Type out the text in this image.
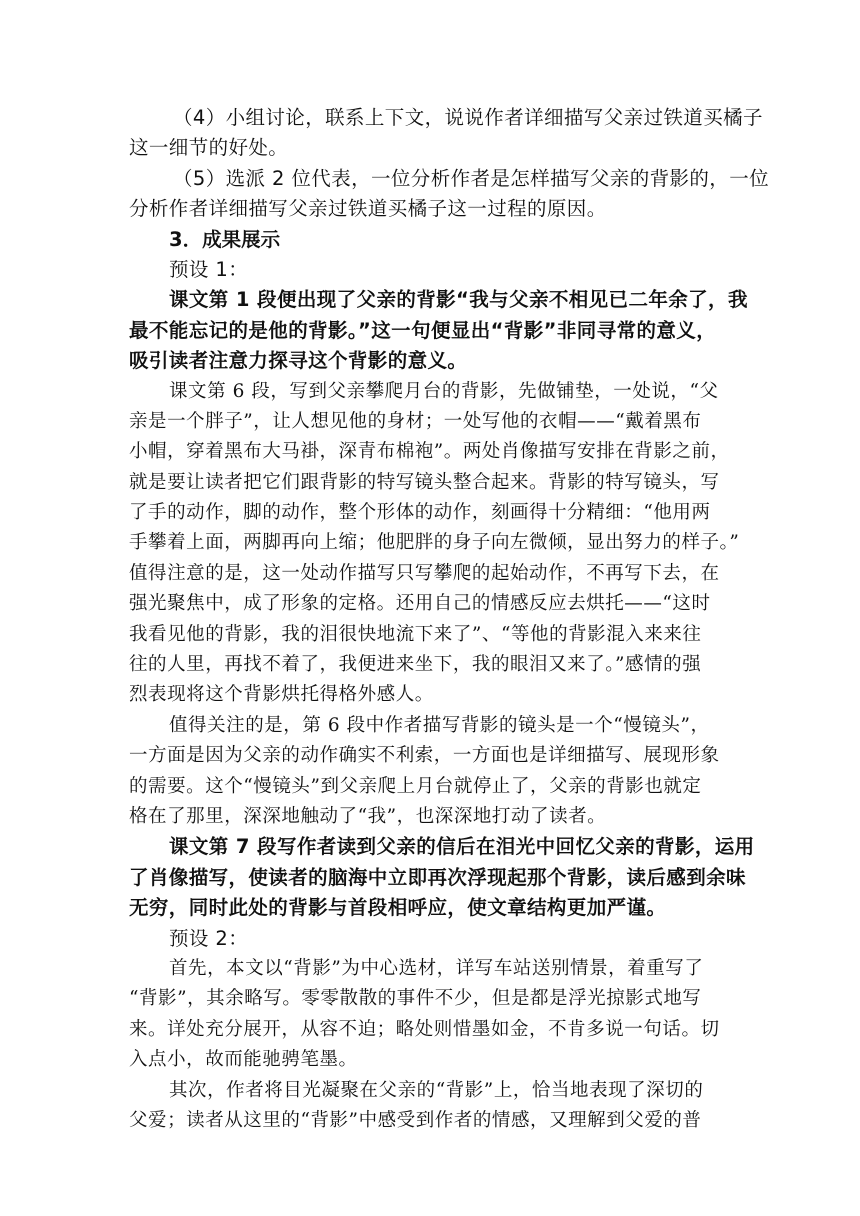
（4）小组讨论，联系上下文，说说作者详细描写父亲过铁道买橘子
这一细节的好处。
（5）选派 2 位代表，一位分析作者是怎样描写父亲的背影的，一位
分析作者详细描写父亲过铁道买橘子这一过程的原因。
3．成果展示
预设 1：
课文第 1 段便出现了父亲的背影“我与父亲不相见已二年余了，我
最不能忘记的是他的背影。”这一句便显出“背影”非同寻常的意义，
吸引读者注意力探寻这个背影的意义。
课文第 6 段，写到父亲攀爬月台的背影，先做铺垫，一处说，“父
亲是一个胖子”，让人想见他的身材；一处写他的衣帽——“戴着黑布
小帽，穿着黑布大马褂，深青布棉袍”。两处肖像描写安排在背影之前，
就是要让读者把它们跟背影的特写镜头整合起来。背影的特写镜头，写
了手的动作，脚的动作，整个形体的动作，刻画得十分精细：“他用两
手攀着上面，两脚再向上缩；他肥胖的身子向左微倾，显出努力的样子。”
值得注意的是，这一处动作描写只写攀爬的起始动作，不再写下去，在
强光聚焦中，成了形象的定格。还用自己的情感反应去烘托——“这时
我看见他的背影，我的泪很快地流下来了”、“等他的背影混入来来往
往的人里，再找不着了，我便进来坐下，我的眼泪又来了。”感情的强
烈表现将这个背影烘托得格外感人。
值得关注的是，第 6 段中作者描写背影的镜头是一个“慢镜头”，
一方面是因为父亲的动作确实不利索，一方面也是详细描写、展现形象
的需要。这个“慢镜头”到父亲爬上月台就停止了，父亲的背影也就定
格在了那里，深深地触动了“我”，也深深地打动了读者。
课文第 7 段写作者读到父亲的信后在泪光中回忆父亲的背影，运用
了肖像描写，使读者的脑海中立即再次浮现起那个背影，读后感到余味
无穷，同时此处的背影与首段相呼应，使文章结构更加严谨。
预设 2：
首先，本文以“背影”为中心选材，详写车站送别情景，着重写了
“背影”，其余略写。零零散散的事件不少，但是都是浮光掠影式地写
来。详处充分展开，从容不迫；略处则惜墨如金，不肯多说一句话。切
入点小，故而能驰骋笔墨。
其次，作者将目光凝聚在父亲的“背影”上，恰当地表现了深切的
父爱；读者从这里的“背影”中感受到作者的情感，又理解到父爱的普
